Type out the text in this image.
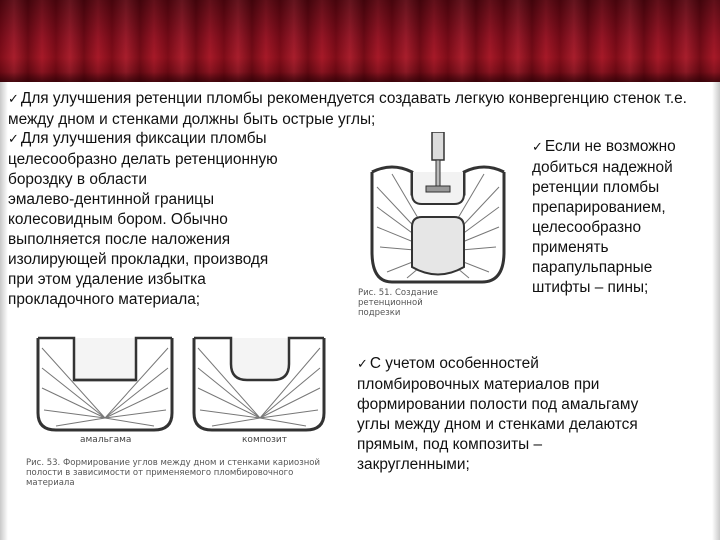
✓ Для улучшения ретенции пломбы рекомендуется создавать легкую конвергенцию стенок т.е. между дном и стенками должны быть острые углы;
✓ Для улучшения фиксации пломбы
целесообразно делать ретенционную
бороздку в области
эмалево-дентинной границы
колесовидным бором. Обычно
выполняется после наложения
изолирующей прокладки, производя
при этом удаление избытка
прокладочного материала;
✓ Если не возможно
добиться надежной
ретенции пломбы
препарированием,
целесообразно
применять
парапульпарные
штифты – пины;
✓ С учетом особенностей
пломбировочных материалов при
формировании полости под амальгаму
углы между дном и стенками делаются
прямым, под композиты –
закругленными;
Рис. 51. Создание
ретенционной
подрезки
амальгама	композит
Рис. 53. Формирование углов между дном и стенками кариозной
полости в зависимости от применяемого пломбировочного
материала
